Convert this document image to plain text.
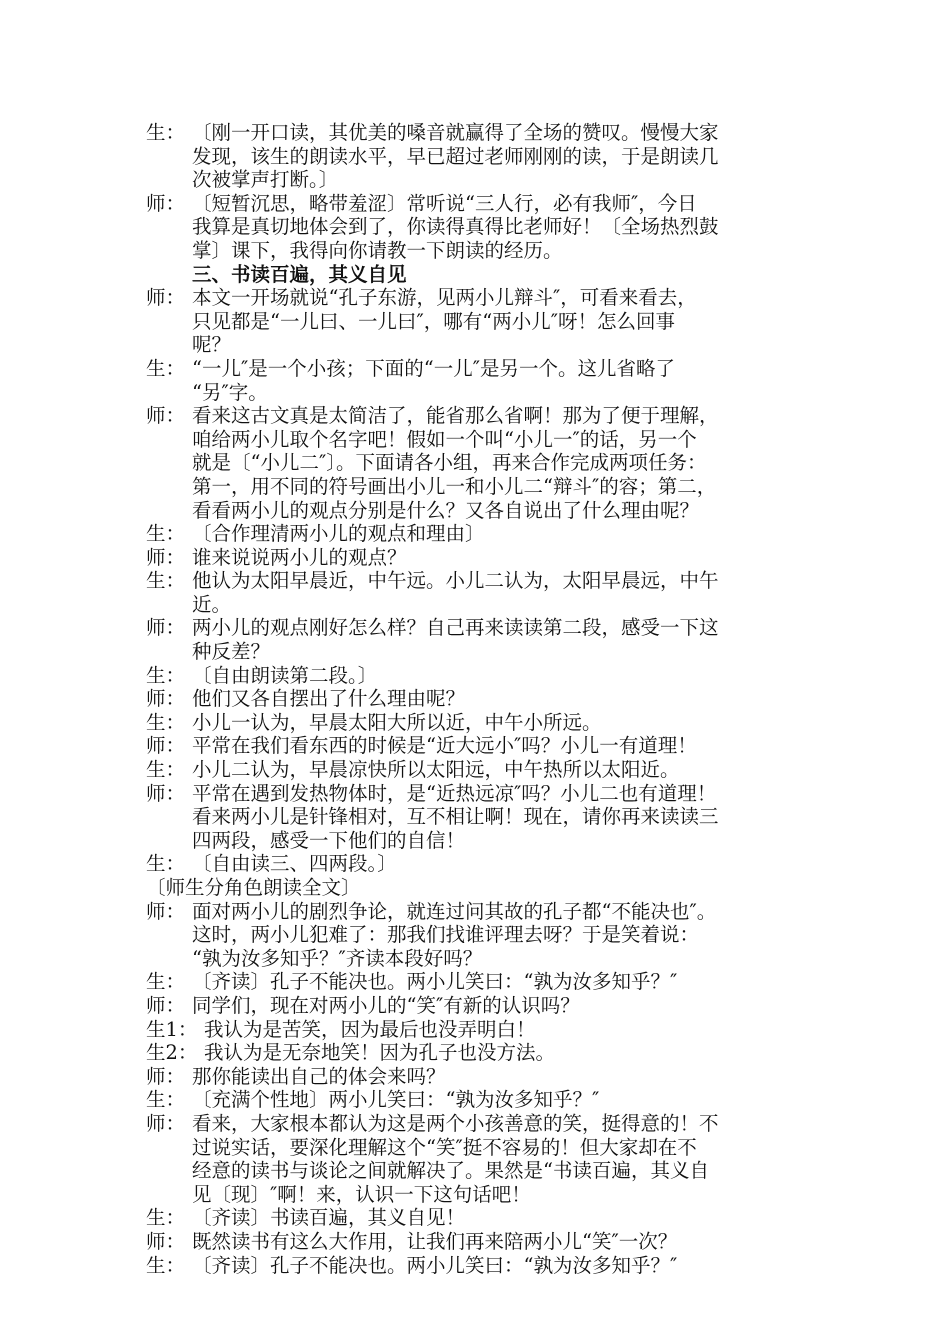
生： 〔刚一开口读，其优美的嗓音就赢得了全场的赞叹。慢慢大家
发现，该生的朗读水平，早已超过老师刚刚的读，于是朗读几
次被掌声打断。〕
师： 〔短暂沉思，略带羞涩〕常听说“三人行，必有我师″，今日
我算是真切地体会到了，你读得真得比老师好！〔全场热烈鼓
掌〕课下，我得向你请教一下朗读的经历。
三、书读百遍，其义自见
师： 本文一开场就说“孔子东游，见两小儿辩斗″，可看来看去，
只见都是“一儿曰、一儿曰″，哪有“两小儿″呀！怎么回事
呢？
生： “一儿″是一个小孩；下面的“一儿″是另一个。这儿省略了
“另″字。
师： 看来这古文真是太简洁了，能省那么省啊！那为了便于理解，
咱给两小儿取个名字吧！假如一个叫“小儿一″的话，另一个
就是〔“小儿二″〕。下面请各小组，再来合作完成两项任务：
第一，用不同的符号画出小儿一和小儿二“辩斗″的容；第二，
看看两小儿的观点分别是什么？又各自说出了什么理由呢？
生： 〔合作理清两小儿的观点和理由〕
师： 谁来说说两小儿的观点？
生： 他认为太阳早晨近，中午远。小儿二认为，太阳早晨远，中午
近。
师： 两小儿的观点刚好怎么样？自己再来读读第二段，感受一下这
种反差？
生： 〔自由朗读第二段。〕
师： 他们又各自摆出了什么理由呢？
生： 小儿一认为，早晨太阳大所以近，中午小所远。
师： 平常在我们看东西的时候是“近大远小″吗？小儿一有道理！
生： 小儿二认为，早晨凉快所以太阳远，中午热所以太阳近。
师： 平常在遇到发热物体时，是“近热远凉″吗？小儿二也有道理！
看来两小儿是针锋相对，互不相让啊！现在，请你再来读读三
四两段，感受一下他们的自信！
生： 〔自由读三、四两段。〕
〔师生分角色朗读全文〕
师： 面对两小儿的剧烈争论，就连过问其故的孔子都“不能决也″。
这时，两小儿犯难了：那我们找谁评理去呀？于是笑着说：
“孰为汝多知乎？″齐读本段好吗？
生： 〔齐读〕孔子不能决也。两小儿笑曰：“孰为汝多知乎？″
师： 同学们，现在对两小儿的“笑″有新的认识吗？
生1： 我认为是苦笑，因为最后也没弄明白！
生2： 我认为是无奈地笑！因为孔子也没方法。
师： 那你能读出自己的体会来吗？
生： 〔充满个性地〕两小儿笑曰：“孰为汝多知乎？″
师： 看来，大家根本都认为这是两个小孩善意的笑，挺得意的！不
过说实话，要深化理解这个“笑″挺不容易的！但大家却在不
经意的读书与谈论之间就解决了。果然是“书读百遍，其义自
见〔现〕″啊！来，认识一下这句话吧！
生： 〔齐读〕书读百遍，其义自见！
师： 既然读书有这么大作用，让我们再来陪两小儿“笑″一次？
生： 〔齐读〕孔子不能决也。两小儿笑曰：“孰为汝多知乎？″
